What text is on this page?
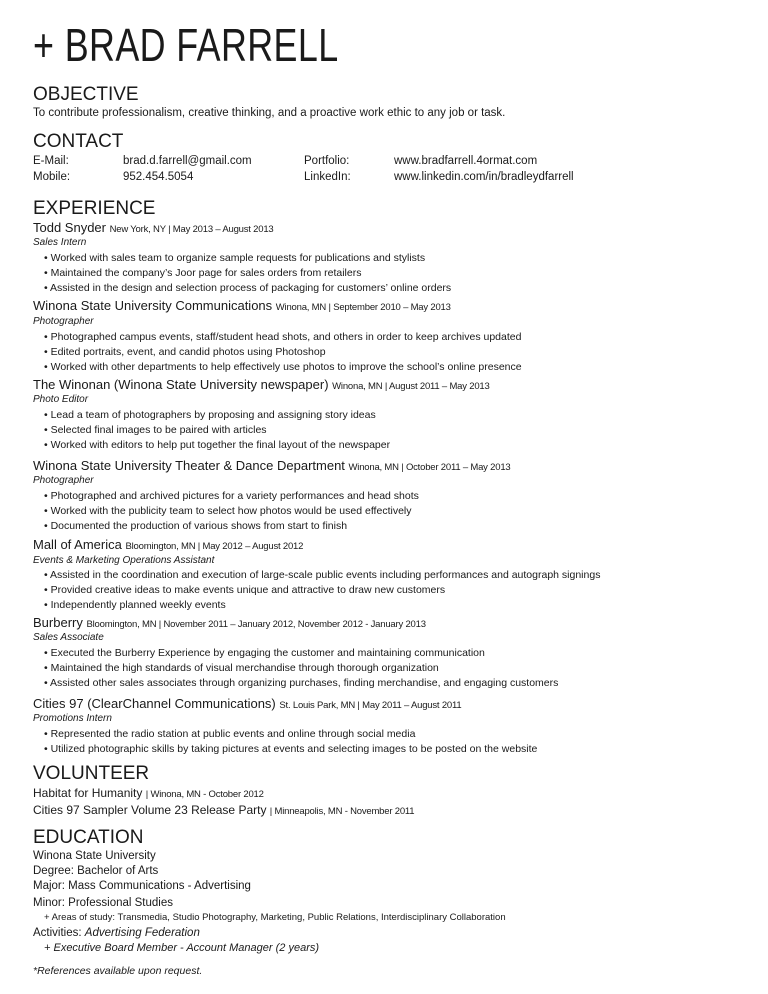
+ BRAD FARRELL
OBJECTIVE
To contribute professionalism, creative thinking, and a proactive work ethic to any job or task.
CONTACT
E-Mail:	brad.d.farrell@gmail.com	Portfolio:	www.bradfarrell.4ormat.com
Mobile:	952.454.5054	LinkedIn:	www.linkedin.com/in/bradleydfarrell
EXPERIENCE
Todd Snyder New York, NY | May 2013 – August 2013
Sales Intern
• Worked with sales team to organize sample requests for publications and stylists
• Maintained the company’s Joor page for sales orders from retailers
• Assisted in the design and selection process of packaging for customers’ online orders
Winona State University Communications Winona, MN | September 2010 – May 2013
Photographer
• Photographed campus events, staff/student head shots, and others in order to keep archives updated
• Edited portraits, event, and candid photos using Photoshop
• Worked with other departments to help effectively use photos to improve the school’s online presence
The Winonan (Winona State University newspaper) Winona, MN | August 2011 – May 2013
Photo Editor
• Lead a team of photographers by proposing and assigning story ideas
• Selected final images to be paired with articles
• Worked with editors to help put together the final layout of the newspaper
Winona State University Theater & Dance Department Winona, MN | October 2011 – May 2013
Photographer
• Photographed and archived pictures for a variety performances and head shots
• Worked with the publicity team to select how photos would be used effectively
• Documented the production of various shows from start to finish
Mall of America Bloomington, MN | May 2012 – August 2012
Events & Marketing Operations Assistant
• Assisted in the coordination and execution of large-scale public events including performances and autograph signings
• Provided creative ideas to make events unique and attractive to draw new customers
• Independently planned weekly events
Burberry Bloomington, MN | November 2011 – January 2012, November 2012 - January 2013
Sales Associate
• Executed the Burberry Experience by engaging the customer and maintaining communication
• Maintained the high standards of visual merchandise through thorough organization
• Assisted other sales associates through organizing purchases, finding merchandise, and engaging customers
Cities 97 (ClearChannel Communications) St. Louis Park, MN | May 2011 – August 2011
Promotions Intern
• Represented the radio station at public events and online through social media
• Utilized photographic skills by taking pictures at events and selecting images to be posted on the website
VOLUNTEER
Habitat for Humanity | Winona, MN - October 2012
Cities 97 Sampler Volume 23 Release Party | Minneapolis, MN - November 2011
EDUCATION
Winona State University
Degree: Bachelor of Arts
Major: Mass Communications - Advertising
Minor: Professional Studies
+ Areas of study: Transmedia, Studio Photography, Marketing, Public Relations, Interdisciplinary Collaboration
Activities: Advertising Federation
+ Executive Board Member - Account Manager (2 years)
*References available upon request.
